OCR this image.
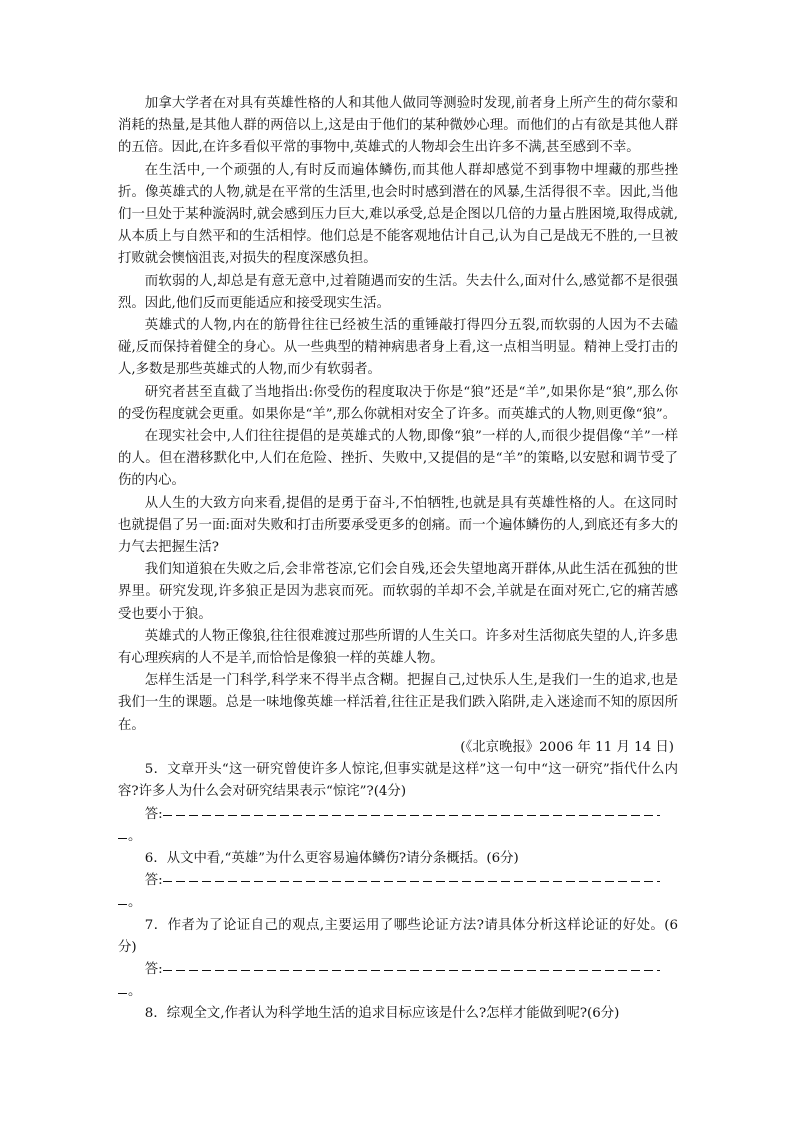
加拿大学者在对具有英雄性格的人和其他人做同等测验时发现,前者身上所产生的荷尔蒙和消耗的热量,是其他人群的两倍以上,这是由于他们的某种微妙心理。而他们的占有欲是其他人群的五倍。因此,在许多看似平常的事物中,英雄式的人物却会生出许多不满,甚至感到不幸。

在生活中,一个顽强的人,有时反而遍体鳞伤,而其他人群却感觉不到事物中埋藏的那些挫折。像英雄式的人物,就是在平常的生活里,也会时时感到潜在的风暴,生活得很不幸。因此,当他们一旦处于某种漩涡时,就会感到压力巨大,难以承受,总是企图以几倍的力量占胜困境,取得成就,从本质上与自然平和的生活相悖。他们总是不能客观地估计自己,认为自己是战无不胜的,一旦被打败就会懊恼沮丧,对损失的程度深感负担。

而软弱的人,却总是有意无意中,过着随遇而安的生活。失去什么,面对什么,感觉都不是很强烈。因此,他们反而更能适应和接受现实生活。

英雄式的人物,内在的筋骨往往已经被生活的重锤敲打得四分五裂,而软弱的人因为不去磕碰,反而保持着健全的身心。从一些典型的精神病患者身上看,这一点相当明显。精神上受打击的人,多数是那些英雄式的人物,而少有软弱者。

研究者甚至直截了当地指出:你受伤的程度取决于你是“狼”还是“羊”,如果你是“狼”,那么你的受伤程度就会更重。如果你是“羊”,那么你就相对安全了许多。而英雄式的人物,则更像“狼”。

在现实社会中,人们往往提倡的是英雄式的人物,即像“狼”一样的人,而很少提倡像“羊”一样的人。但在潜移默化中,人们在危险、挫折、失败中,又提倡的是“羊”的策略,以安慰和调节受了伤的内心。

从人生的大致方向来看,提倡的是勇于奋斗,不怕牺牲,也就是具有英雄性格的人。在这同时也就提倡了另一面:面对失败和打击所要承受更多的创痛。而一个遍体鳞伤的人,到底还有多大的力气去把握生活?

我们知道狼在失败之后,会非常苍凉,它们会自残,还会失望地离开群体,从此生活在孤独的世界里。研究发现,许多狼正是因为悲哀而死。而软弱的羊却不会,羊就是在面对死亡,它的痛苦感受也要小于狼。

英雄式的人物正像狼,往往很难渡过那些所谓的人生关口。许多对生活彻底失望的人,许多患有心理疾病的人不是羊,而恰恰是像狼一样的英雄人物。

怎样生活是一门科学,科学来不得半点含糊。把握自己,过快乐人生,是我们一生的追求,也是我们一生的课题。总是一味地像英雄一样活着,往往正是我们跌入陷阱,走入迷途而不知的原因所在。

(《北京晚报》2006 年 11 月 14 日)

5．文章开头“这一研究曾使许多人惊诧,但事实就是这样”这一句中“这一研究”指代什么内容?许多人为什么会对研究结果表示“惊诧”?(4分)

答:

。

6．从文中看,“英雄”为什么更容易遍体鳞伤?请分条概括。(6分)

答:

。

7．作者为了论证自己的观点,主要运用了哪些论证方法?请具体分析这样论证的好处。(6分)

答:

。

8．综观全文,作者认为科学地生活的追求目标应该是什么?怎样才能做到呢?(6分)
